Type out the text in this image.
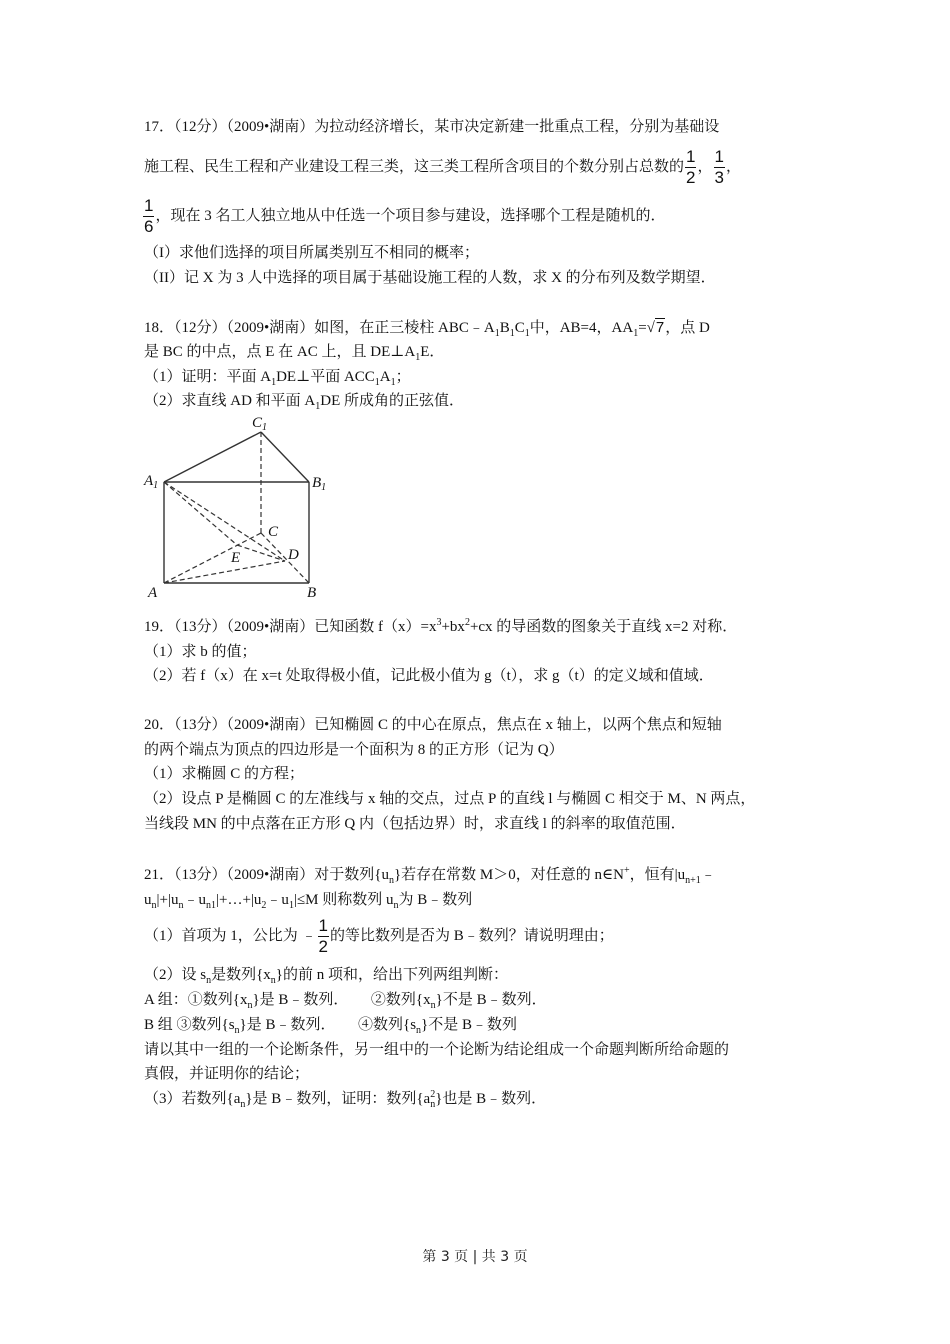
17．（12分）（2009•湖南）为拉动经济增长，某市决定新建一批重点工程，分别为基础设
施工程、民生工程和产业建设工程三类，这三类工程所含项目的个数分别占总数的 $\frac{1}{2}$ ， $\frac{1}{3}$ ，
$\frac{1}{6}$ ，现在 3 名工人独立地从中任选一个项目参与建设，选择哪个工程是随机的．
（I）求他们选择的项目所属类别互不相同的概率；
（II）记 X 为 3 人中选择的项目属于基础设施工程的人数，求 X 的分布列及数学期望．
18．（12分）（2009•湖南）如图，在正三棱柱 $ABC﹣A_1B_1C_1$中，AB=4，$AA_1=√7$，点 D
是 BC 的中点，点 E 在 AC 上，且 $DE\perp A_1E$．
（1）证明：平面 $A_1DE\perp$平面 $ACC_1A_1$；
（2）求直线 AD 和平面 $A_1DE$ 所成角的正弦值．
$C_1$
$A_1$	$B_1$
C
D
E
A	B
19．（13分）（2009•湖南）已知函数 $f(x)=x^3+bx^2+cx$ 的导函数的图象关于直线 x=2 对称．
（1）求 b 的值；
（2）若 f（x）在 x=t 处取得极小值，记此极小值为 g（t），求 g（t）的定义域和值域．
20．（13分）（2009•湖南）已知椭圆 C 的中心在原点，焦点在 x 轴上，以两个焦点和短轴
的两个端点为顶点的四边形是一个面积为 8 的正方形（记为 Q）
（1）求椭圆 C 的方程；
（2）设点 P 是椭圆 C 的左准线与 x 轴的交点，过点 P 的直线 l 与椭圆 C 相交于 M、N 两点，
当线段 MN 的中点落在正方形 Q 内（包括边界）时，求直线 l 的斜率的取值范围．
21．（13分）（2009•湖南）对于数列$\{u_n\}$若存在常数 M＞0，对任意的 n∈N+，恒有$|u_{n+1}﹣$
$u_n|+|u_n﹣u_{n1}|+\dots+|u_2﹣u_1|\le M$ 则称数列 $u_n$为 B﹣数列
（1）首项为 1，公比为 ﹣ $\frac{1}{2}$ 的等比数列是否为 B﹣数列？请说明理由；
（2）设 $s_n$是数列$\{x_n\}$的前 n 项和，给出下列两组判断：
A 组：①数列$\{x_n\}$是 B﹣数列．　　②数列$\{x_n\}$不是 B﹣数列．
B 组 ③数列$\{s_n\}$是 B﹣数列．　　④数列$\{s_n\}$不是 B﹣数列
请以其中一组的一个论断条件，另一组中的一个论断为结论组成一个命题判断所给命题的
真假，并证明你的结论；
（3）若数列$\{a_n\}$是 B﹣数列，证明：数列$\{a_n^2\}$也是 B﹣数列．
第 3 页 | 共 3 页
